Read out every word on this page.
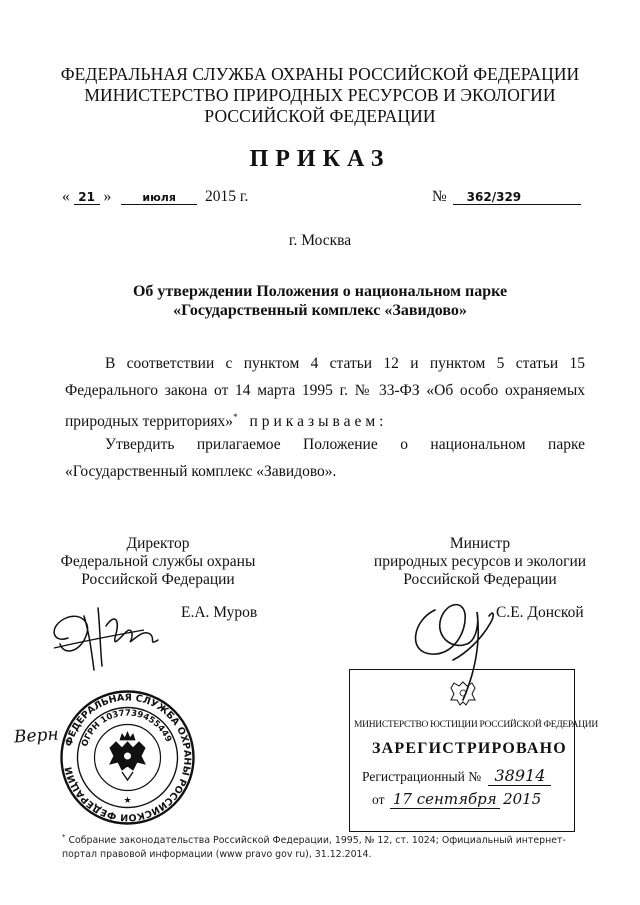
ФЕДЕРАЛЬНАЯ СЛУЖБА ОХРАНЫ РОССИЙСКОЙ ФЕДЕРАЦИИ
МИНИСТЕРСТВО ПРИРОДНЫХ РЕСУРСОВ И ЭКОЛОГИИ
РОССИЙСКОЙ ФЕДЕРАЦИИ
ПРИКАЗ
« 21 »	июля 2015 г.	№ 362/329
г. Москва
Об утверждении Положения о национальном парке
«Государственный комплекс «Завидово»
В соответствии с пунктом 4 статьи 12 и пунктом 5 статьи 15
Федерального закона от 14 марта 1995 г. № 33-ФЗ «Об особо охраняемых
природных территориях»* приказываем:
Утвердить прилагаемое Положение о национальном парке
«Государственный комплекс «Завидово».
Директор
Федеральной службы охраны
Российской Федерации
Е.А. Муров
Министр
природных ресурсов и экологии
Российской Федерации
С.Е. Донской
ФЕДЕРАЛЬНАЯ СЛУЖБА ОХРАНЫ РОССИЙСКОЙ ФЕДЕРАЦИИ
ОГРН 1037739455449
★
Верн	МИНИСТЕРСТВО ЮСТИЦИИ РОССИЙСКОЙ ФЕДЕРАЦИИ
ЗАРЕГИСТРИРОВАНО
Регистрационный № 38914
от 17 сентября 2015
* Собрание законодательства Российской Федерации, 1995, № 12, ст. 1024; Официальный интернет-
портал правовой информации (www pravo gov ru), 31.12.2014.
